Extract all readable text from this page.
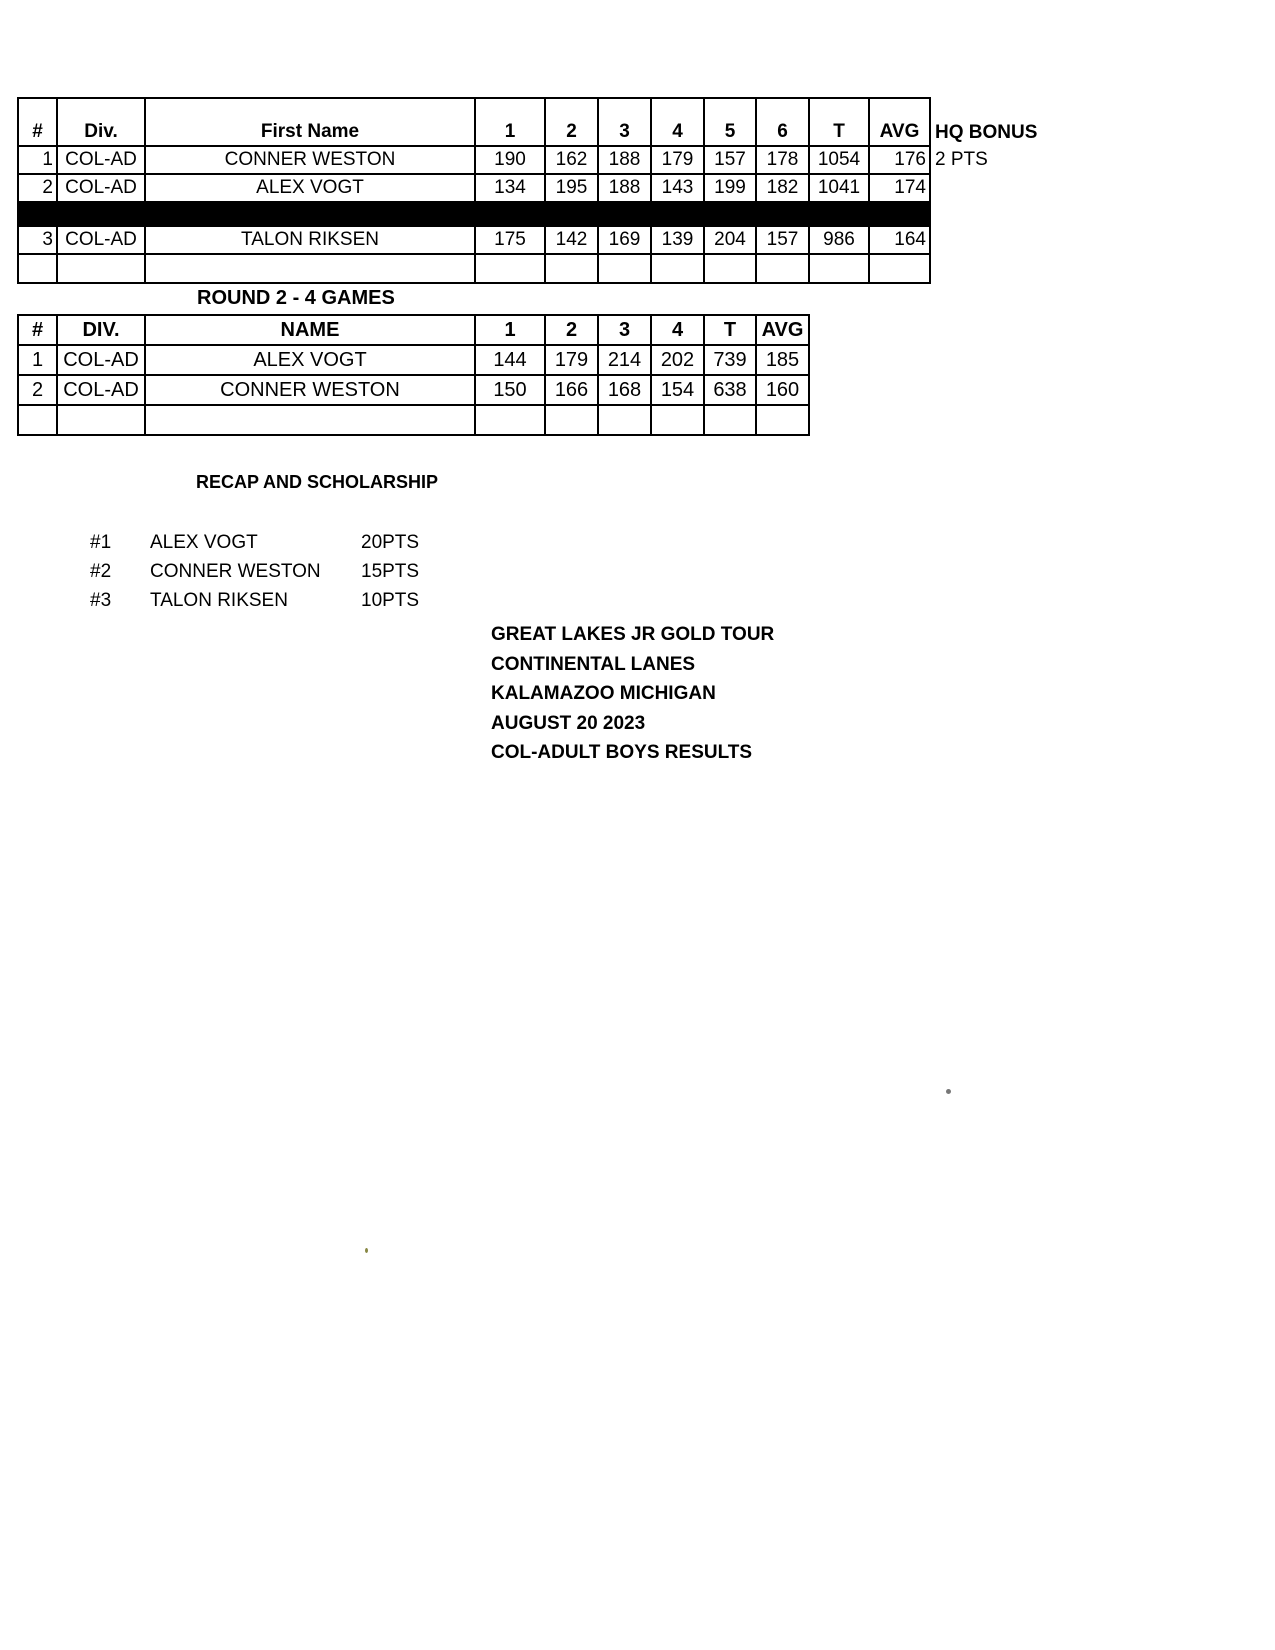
#	Div.	First Name	1	2	3	4	5	6	T	AVG	HQ BONUS
1	COL-AD	CONNER WESTON	190	162	188	179	157	178	1054	176	2 PTS
2	COL-AD	ALEX VOGT	134	195	188	143	199	182	1041	174	

3	COL-AD	TALON RIKSEN	175	142	169	139	204	157	986	164	

ROUND 2 - 4 GAMES
#	DIV.	NAME	1	2	3	4	T	AVG
1	COL-AD	ALEX VOGT	144	179	214	202	739	185
2	COL-AD	CONNER WESTON	150	166	168	154	638	160

RECAP AND SCHOLARSHIP
#1 ALEX VOGT	20PTS
#2 CONNER WESTON 15PTS
#3 TALON RIKSEN	10PTS
GREAT LAKES JR GOLD TOUR
CONTINENTAL LANES
KALAMAZOO MICHIGAN
AUGUST 20 2023
COL-ADULT BOYS RESULTS
